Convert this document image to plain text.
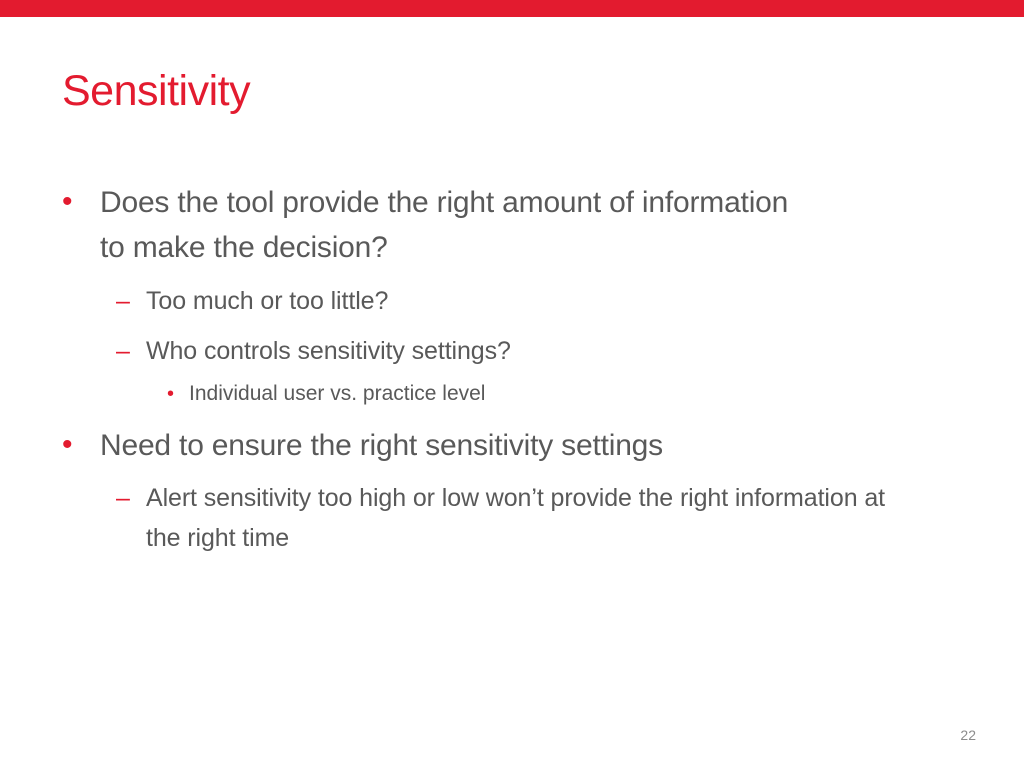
Sensitivity
• Does the tool provide the right amount of information to make the decision?
– Too much or too little?
– Who controls sensitivity settings?
• Individual user vs. practice level
• Need to ensure the right sensitivity settings
– Alert sensitivity too high or low won’t provide the right information at the right time
22
